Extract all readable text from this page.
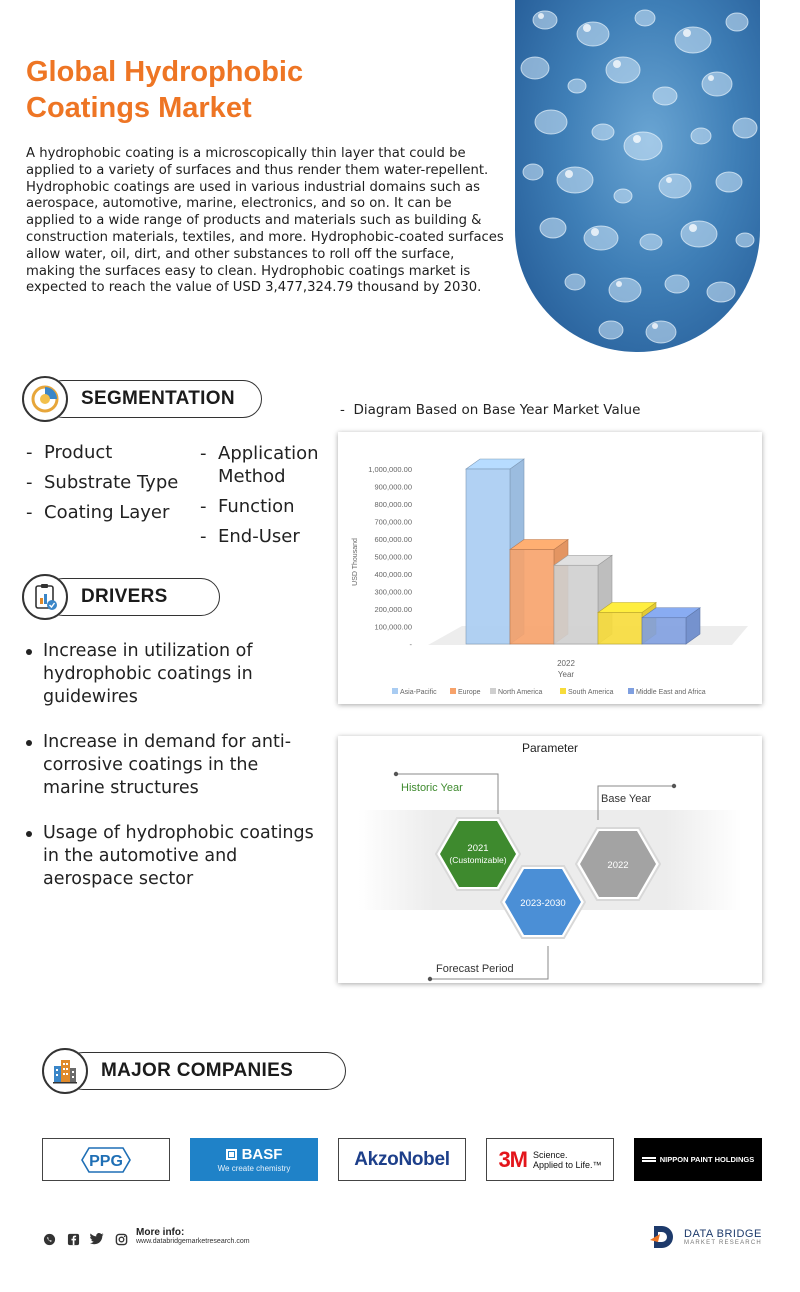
Global Hydrophobic Coatings Market

A hydrophobic coating is a microscopically thin layer that could be applied to a variety of surfaces and thus render them water-repellent. Hydrophobic coatings are used in various industrial domains such as aerospace, automotive, marine, electronics, and so on. It can be applied to a wide range of products and materials such as building & construction materials, textiles, and more. Hydrophobic-coated surfaces allow water, oil, dirt, and other substances to roll off the surface, making the surfaces easy to clean. Hydrophobic coatings market is expected to reach the value of USD 3,477,324.79 thousand by 2030.

SEGMENTATION
- Product
- Substrate Type
- Coating Layer
- Application Method
- Function
- End-User
DRIVERS
Increase in utilization of hydrophobic coatings in guidewires
Increase in demand for anti-corrosive coatings in the marine structures
Usage of hydrophobic coatings in the automotive and aerospace sector
-  Diagram Based on Base Year Market Value
-
100,000.00
200,000.00
300,000.00
400,000.00
500,000.00
600,000.00
700,000.00
800,000.00
900,000.00
1,000,000.00
USD Thousand
2022
Year
Asia-Pacific	Europe North America	South America	Middle East and Africa
Parameter
2021
(Customizable)
2023-2030
2022
Historic Year
Base Year
Forecast Period
MAJOR COMPANIES
PPG	BASF
We create chemistry	AkzoNobel 3M Science.
Applied to Life.™	NIPPON PAINT HOLDINGS
More info:
www.databridgemarketresearch.com
DATA BRIDGE
MARKET RESEARCH
